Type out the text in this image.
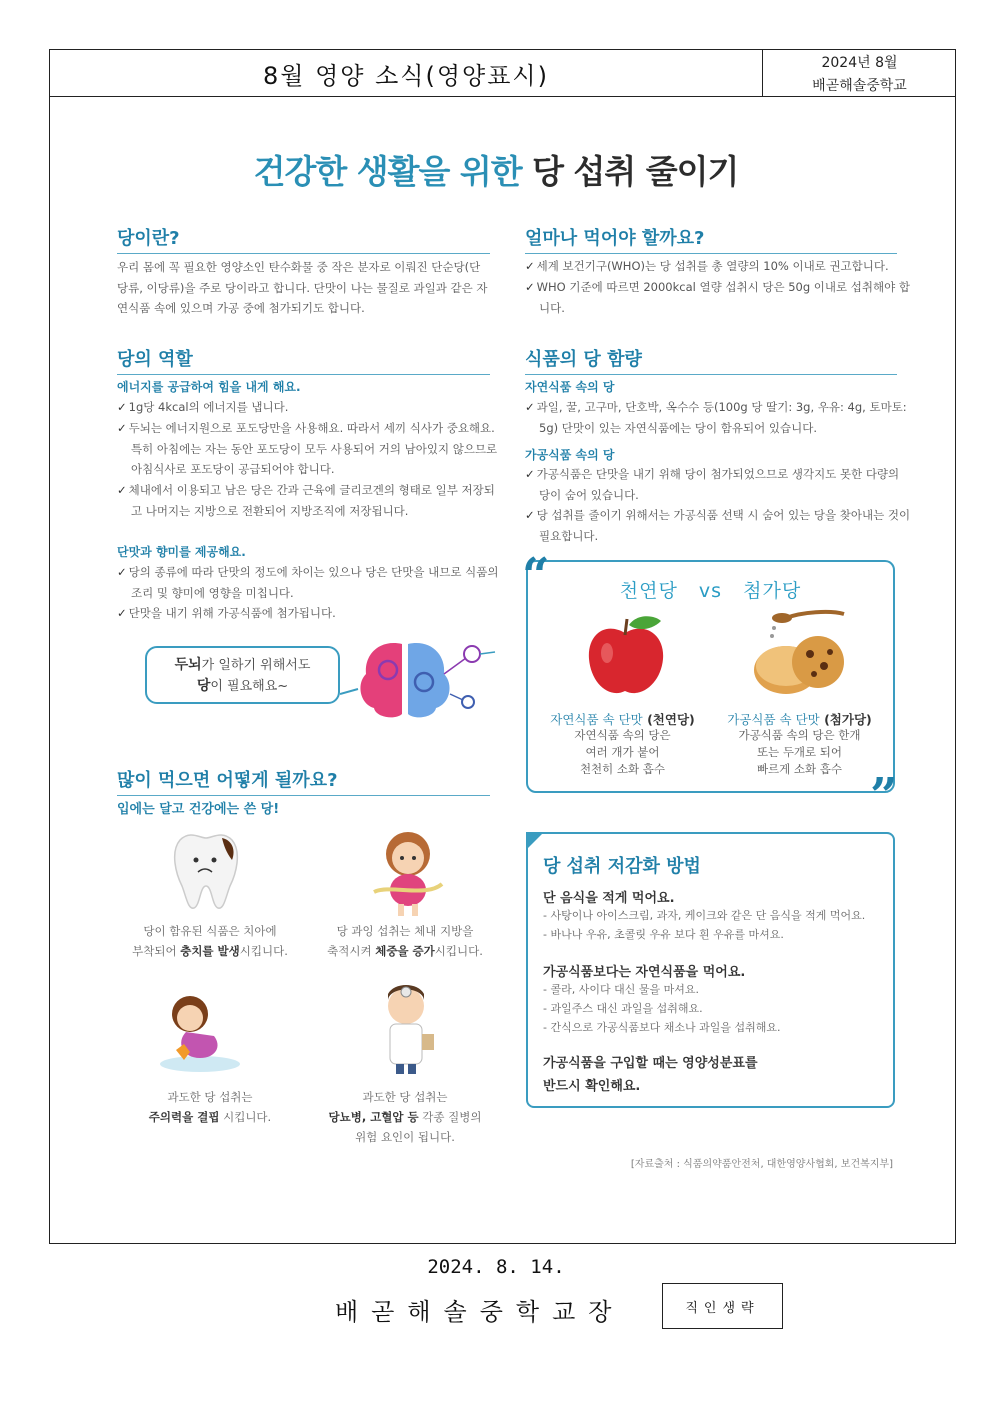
8월 영양 소식(영양표시)	2024년 8월
배곧해솔중학교
건강한 생활을 위한 당 섭취 줄이기
당이란?
우리 몸에 꼭 필요한 영양소인 탄수화물 중 작은 분자로 이뤄진 단순당(단당류, 이당류)을 주로 당이라고 합니다. 단맛이 나는 물질로 과일과 같은 자연식품 속에 있으며 가공 중에 첨가되기도 합니다.
얼마나 먹어야 할까요?
✓ 세계 보건기구(WHO)는 당 섭취를 총 열량의 10% 이내로 권고합니다.
✓ WHO 기준에 따르면 2000kcal 열량 섭취시 당은 50g 이내로 섭취해야 합니다.
당의 역할
에너지를 공급하여 힘을 내게 해요.
✓ 1g당 4kcal의 에너지를 냅니다.
✓ 두뇌는 에너지원으로 포도당만을 사용해요. 따라서 세끼 식사가 중요해요. 특히 아침에는 자는 동안 포도당이 모두 사용되어 거의 남아있지 않으므로 아침식사로 포도당이 공급되어야 합니다.
✓ 체내에서 이용되고 남은 당은 간과 근육에 글리코겐의 형태로 일부 저장되고 나머지는 지방으로 전환되어 지방조직에 저장됩니다.
단맛과 향미를 제공해요.
✓ 당의 종류에 따라 단맛의 정도에 차이는 있으나 당은 단맛을 내므로 식품의 조리 및 향미에 영향을 미칩니다.
✓ 단맛을 내기 위해 가공식품에 첨가됩니다.
두뇌가 일하기 위해서도
당이 필요해요~
식품의 당 함량
자연식품 속의 당
✓ 과일, 꿀, 고구마, 단호박, 옥수수 등(100g 당 딸기: 3g, 우유: 4g, 토마토: 5g) 단맛이 있는 자연식품에는 당이 함유되어 있습니다.
가공식품 속의 당
✓ 가공식품은 단맛을 내기 위해 당이 첨가되었으므로 생각지도 못한 다량의 당이 숨어 있습니다.
✓ 당 섭취를 줄이기 위해서는 가공식품 선택 시 숨어 있는 당을 찾아내는 것이 필요합니다.
“
”
천연당   vs   첨가당
자연식품 속 단맛 (천연당)
자연식품 속의 당은
여러 개가 붙어
천천히 소화 흡수
가공식품 속 단맛 (첨가당)
가공식품 속의 당은 한개
또는 두개로 되어
빠르게 소화 흡수
많이 먹으면 어떻게 될까요?
입에는 달고 건강에는 쓴 당!
당이 함유된 식품은 치아에
부착되어 충치를 발생시킵니다.
당 과잉 섭취는 체내 지방을
축적시켜 체중을 증가시킵니다.
과도한 당 섭취는
주의력을 결핍 시킵니다.
과도한 당 섭취는
당뇨병, 고혈압 등 각종 질병의
위험 요인이 됩니다.
당 섭취 저감화 방법
단 음식을 적게 먹어요.
- 사탕이나 아이스크림, 과자, 케이크와 같은 단 음식을 적게 먹어요.
- 바나나 우유, 초콜릿 우유 보다 흰 우유를 마셔요.
가공식품보다는 자연식품을 먹어요.
- 콜라, 사이다 대신 물을 마셔요.
- 과일주스 대신 과일을 섭취해요.
- 간식으로 가공식품보다 채소나 과일을 섭취해요.
가공식품을 구입할 때는 영양성분표를
반드시 확인해요.
[자료출처 : 식품의약품안전처, 대한영양사협회, 보건복지부]
2024. 8. 14.
배곧해솔중학교장	직인생략
